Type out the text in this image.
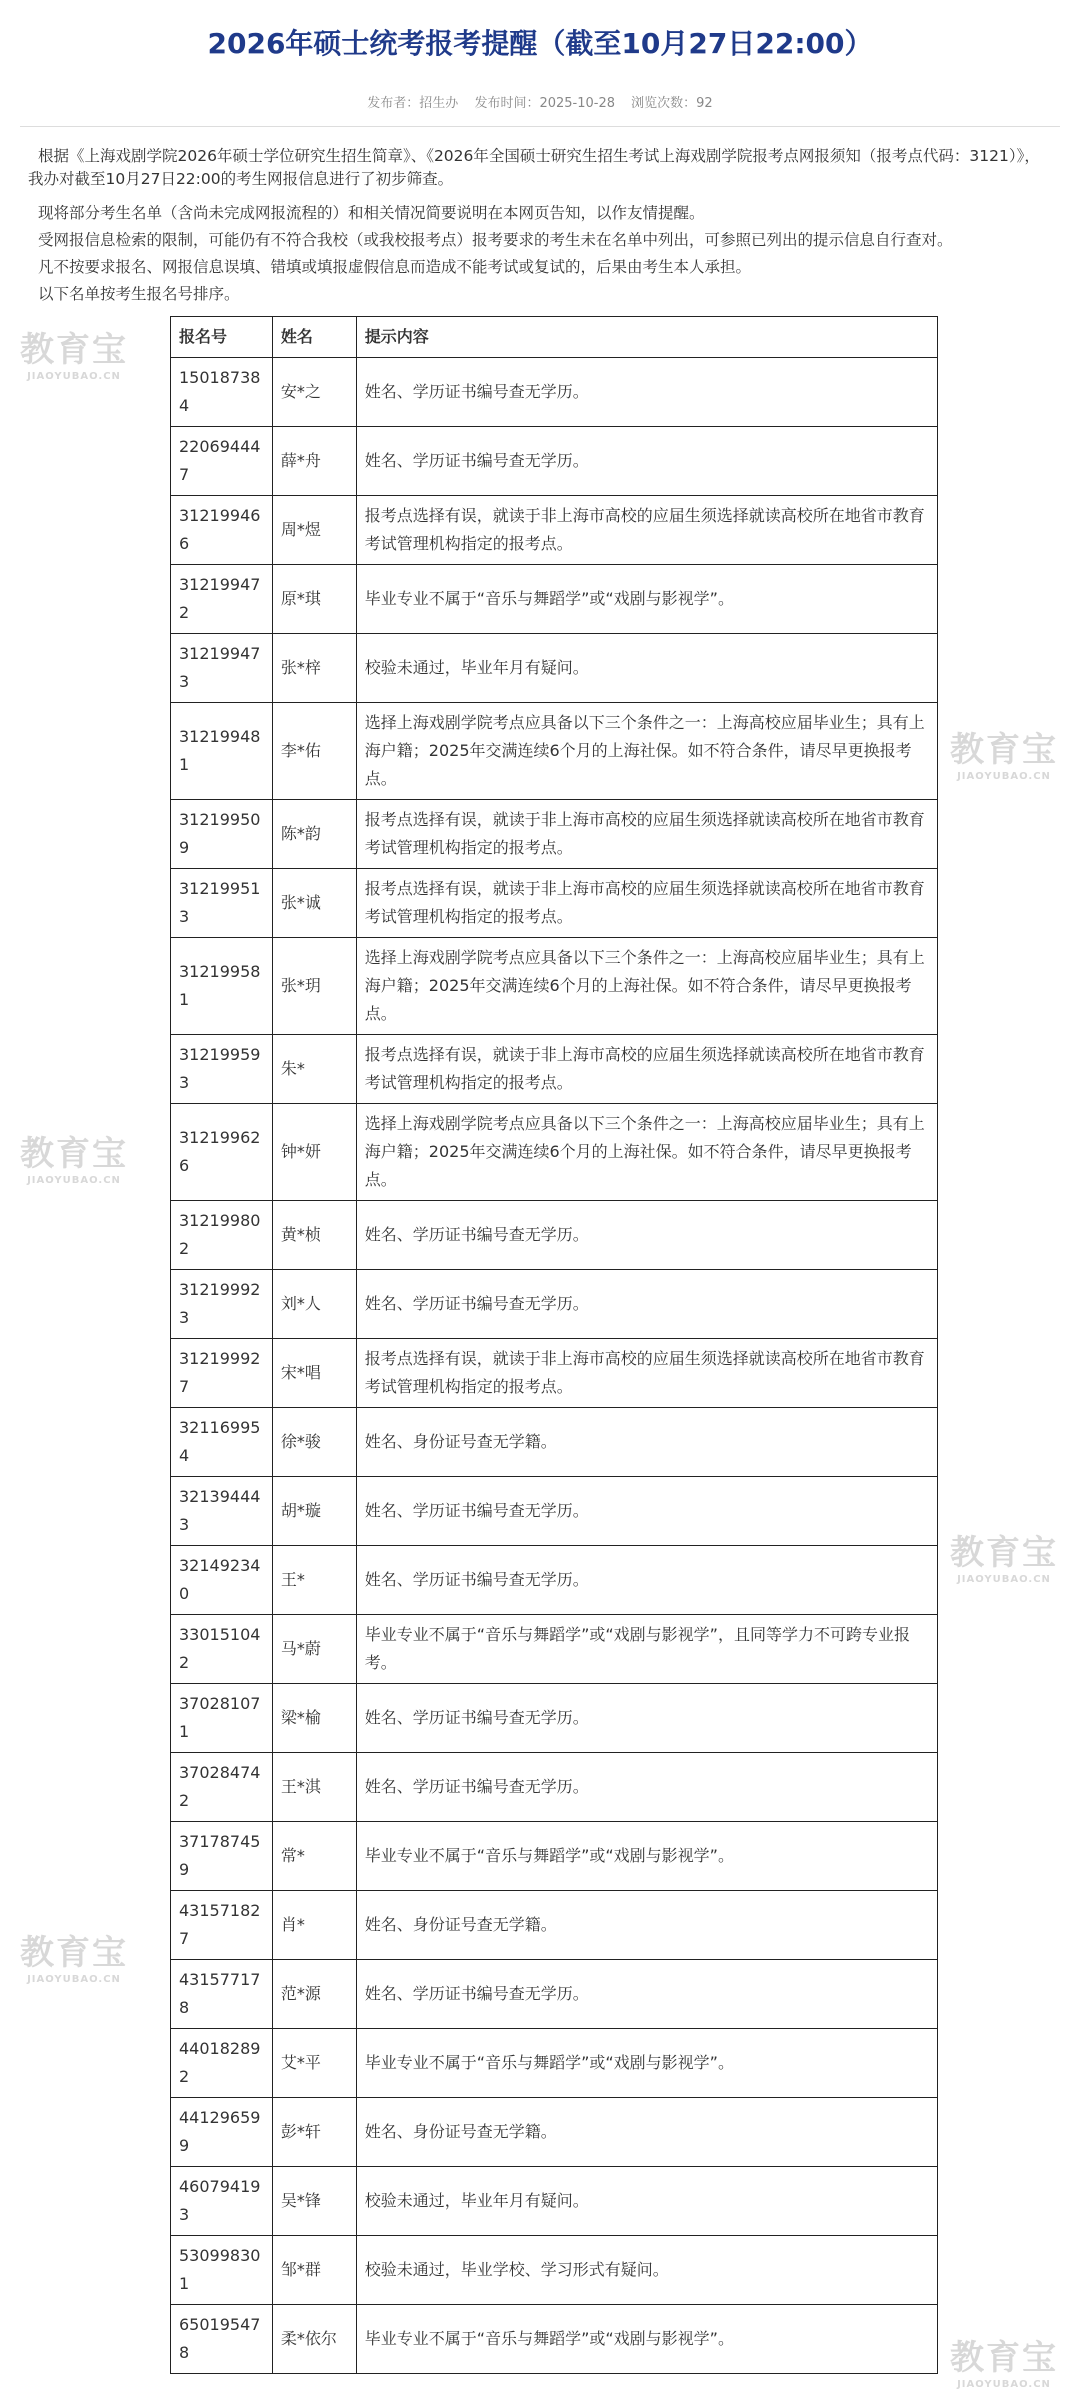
2026年硕士统考报考提醒（截至10月27日22:00）
发布者：招生办 发布时间：2025-10-28 浏览次数：92

根据《上海戏剧学院2026年硕士学位研究生招生简章》、《2026年全国硕士研究生招生考试上海戏剧学院报考点网报须知（报考点代码：3121）》，我办对截至10月27日22:00的考生网报信息进行了初步筛查。

现将部分考生名单（含尚未完成网报流程的）和相关情况简要说明在本网页告知，以作友情提醒。

受网报信息检索的限制，可能仍有不符合我校（或我校报考点）报考要求的考生未在名单中列出，可参照已列出的提示信息自行查对。

凡不按要求报名、网报信息误填、错填或填报虚假信息而造成不能考试或复试的，后果由考生本人承担。

以下名单按考生报名号排序。

报名号	姓名	提示内容
150187384	安*之	姓名、学历证书编号查无学历。
220694447	薛*舟	姓名、学历证书编号查无学历。
312199466	周*煜	报考点选择有误，就读于非上海市高校的应届生须选择就读高校所在地省市教育考试管理机构指定的报考点。
312199472	原*琪	毕业专业不属于“音乐与舞蹈学”或“戏剧与影视学”。
312199473	张*梓	校验未通过，毕业年月有疑问。
312199481	李*佑	选择上海戏剧学院考点应具备以下三个条件之一：上海高校应届毕业生；具有上海户籍；2025年交满连续6个月的上海社保。如不符合条件，请尽早更换报考点。
312199509	陈*韵	报考点选择有误，就读于非上海市高校的应届生须选择就读高校所在地省市教育考试管理机构指定的报考点。
312199513	张*诚	报考点选择有误，就读于非上海市高校的应届生须选择就读高校所在地省市教育考试管理机构指定的报考点。
312199581	张*玥	选择上海戏剧学院考点应具备以下三个条件之一：上海高校应届毕业生；具有上海户籍；2025年交满连续6个月的上海社保。如不符合条件，请尽早更换报考点。
312199593	朱*	报考点选择有误，就读于非上海市高校的应届生须选择就读高校所在地省市教育考试管理机构指定的报考点。
312199626	钟*妍	选择上海戏剧学院考点应具备以下三个条件之一：上海高校应届毕业生；具有上海户籍；2025年交满连续6个月的上海社保。如不符合条件，请尽早更换报考点。
312199802	黄*桢	姓名、学历证书编号查无学历。
312199923	刘*人	姓名、学历证书编号查无学历。
312199927	宋*唱	报考点选择有误，就读于非上海市高校的应届生须选择就读高校所在地省市教育考试管理机构指定的报考点。
321169954	徐*骏	姓名、身份证号查无学籍。
321394443	胡*璇	姓名、学历证书编号查无学历。
321492340	王*	姓名、学历证书编号查无学历。
330151042	马*蔚	毕业专业不属于“音乐与舞蹈学”或“戏剧与影视学”，且同等学力不可跨专业报考。
370281071	梁*榆	姓名、学历证书编号查无学历。
370284742	王*淇	姓名、学历证书编号查无学历。
371787459	常*	毕业专业不属于“音乐与舞蹈学”或“戏剧与影视学”。
431571827	肖*	姓名、身份证号查无学籍。
431577178	范*源	姓名、学历证书编号查无学历。
440182892	艾*平	毕业专业不属于“音乐与舞蹈学”或“戏剧与影视学”。
441296599	彭*轩	姓名、身份证号查无学籍。
460794193	吴*锋	校验未通过，毕业年月有疑问。
530998301	邹*群	校验未通过，毕业学校、学习形式有疑问。
650195478	柔*依尔	毕业专业不属于“音乐与舞蹈学”或“戏剧与影视学”。
教育宝
JIAOYUBAO.CN
教育宝
JIAOYUBAO.CN
教育宝
JIAOYUBAO.CN
教育宝
JIAOYUBAO.CN
教育宝
JIAOYUBAO.CN
教育宝
JIAOYUBAO.CN
